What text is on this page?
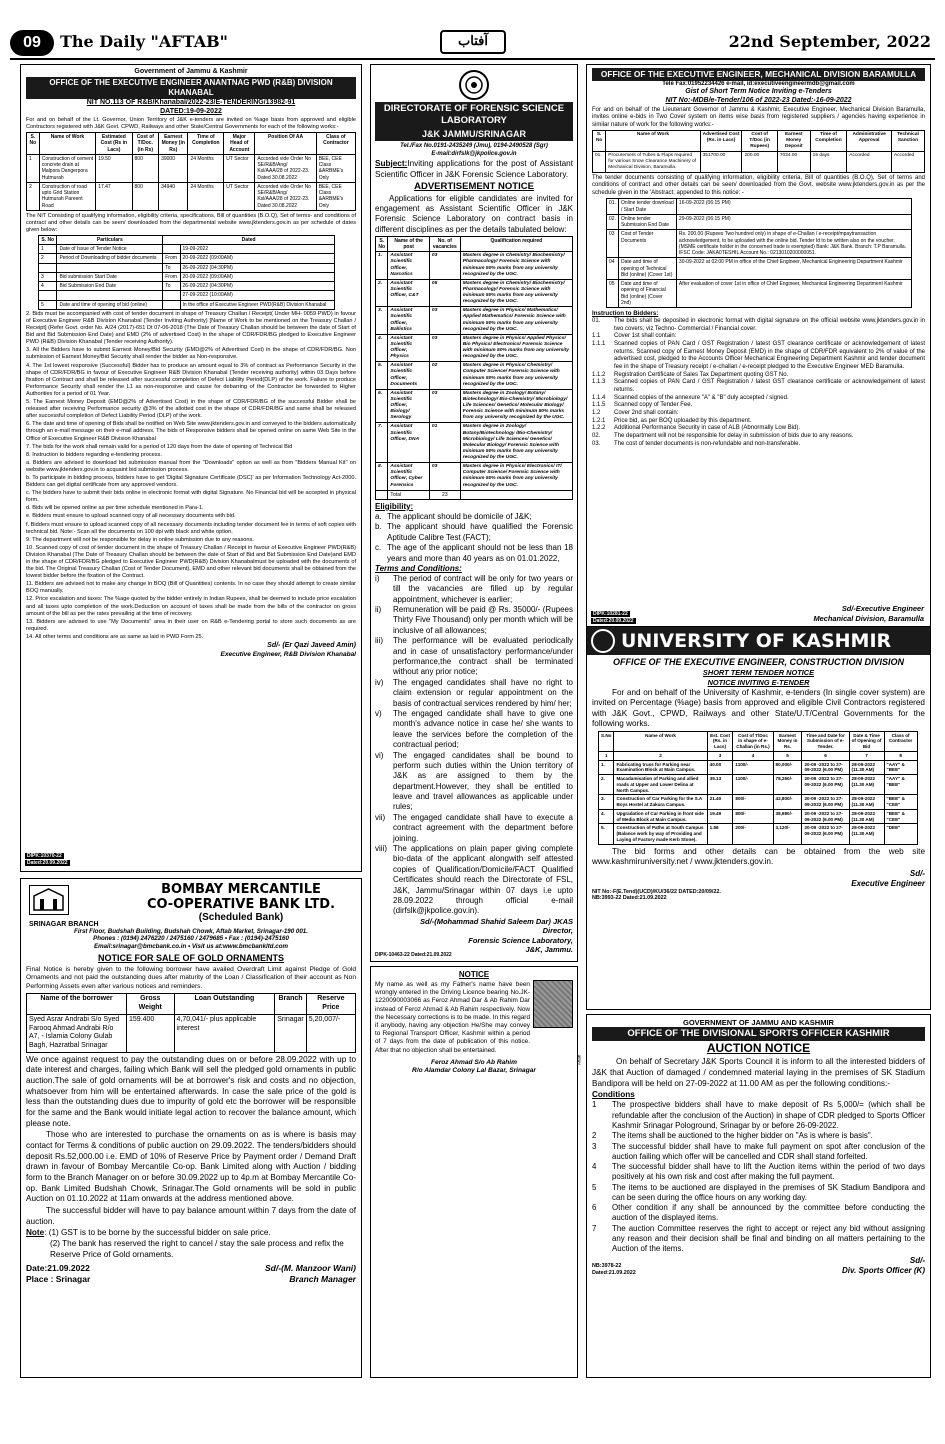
09	The Daily "AFTAB"	آفتاب	22nd September, 2022
Government of Jammu & Kashmir
OFFICE OF THE EXECUTIVE ENGINEER ANANTNAG PWD (R&B) DIVISION KHANABAL
NIT NO.113 OF R&B/Khanabal/2022-23/E-TENDERING/13982-91
DATED:19-09-2022

For and on behalf of the Lt. Governor, Union Territory of J&K e-tenders are invited on %age basis from approved and eligible Contractors registered with J&K Govt. CPWD, Railways and other State/Central Governments for each of the following works:-

S. No	Name of Work	Estimated Cost (Rs in Lacs)	Cost of T/Doc. (in Rs)	Earnest Money (in Rs)	Time of Completion	Major Head of Account	Position Of AA	Class of Contractor
1	Construction of cement concrete drain at Malpora Dangerpora Hutmurah	19.50	800	39000	24 Months	UT Sector	Accorded vide Order No SE/R&B/Ang/ Ksl/AAA/28 of 2022-23. Dated 30.08.2022	BEE, CEE Class &ARBME's Only
2	Construction of road upto Grid Station Hutmurah Pareent Road	17.47	800	34940	24 Months	UT Sector	Accorded vide Order No SE/R&B/Ang/ Ksl/AAA/28 of 2022-23. Dated 30.08.2022	BEE, CEE Class &ARBME's Only

The NIT Consisting of qualifying information, eligibility criteria, specifications, Bill of quantities (B.O.Q), Set of terms- and conditions of contract and other details can be seen/ downloaded from the departmental website www.jktenders.gov.in as per schedule of dates given below:

S. No	Particulars	Dated	
1	Date of Issue of Tender Notice		19-09-2022
2	Period of Downloading of bidder documents	From	20-09-2022 (09:00AM)
		To	26-09-2022 (04:30PM)
3	Bid submission Start Date	From	20-09-2022 (09:00AM)
4	Bid Submission End Date	To	26-09-2022 (04:30PM)
			27-09-2022 (10:00AM)
5	Date and time of opening of bid (online)		In the office of Executive Engineer PWD(R&B) Division Khanabal

2. Bids must be accompanied with cost of tender document in shape of Treasury Challan / Receipt( Under MH- 0059 PWD) in favour of Executive Engineer R&B Division Khanabal (Tender Inviting Authority) [Name of Work to be mentioned on the Treasury Challan / Receipt] (Refer Govt. order No. A/24 (2017)-651 Dt 07-06-2018 (The Date of Treasury Challan should be between the date of Start of Bid and Bid Submission End Date) and EMD (2% of advertised Cost) in the shape of CDR/FDR/BG pledged to Executive Engineer PWD (R&B) Division Khanabal (Tender receiving Authority).

3. All the Bidders have to submit Earnest Money/Bid Security (EMD@2% of Advertised Cost) in the shape of CDR/FDR/BG. Non submission of Earnest Money/Bid Security shall render the bidder as Non-responsive.

4. The 1st lowest responsive (Successful) Bidder has to produce an amount equal to 3% of contract as Performance Security in the shape of CDR/FDR/BG in favour of Executive Engineer R&B Division Khanabal (Tender receiving authority) within 03 Days before fixation of Contract and shall be released after successful completion of Defect Liability Period(DLP) of the work. Failure to produce Performance Security shall render the L1 as non-responsive and cause for debarring of the Contractor be forwarded to Higher Authorities for a period of 01 Year.

5. The Earnest Money Deposit (EMD@2% of Advertised Cost) in the shape of CDR/FDR/BG of the successful Bidder shall be released after receiving Performance security @3% of the allotted cost in the shape of CDR/FDR/BG and same shall be released after successful completion of Defect Liability Period (DLP) of the work.

6. The date and time of opening of Bids shall be notified on Web Site www.jktenders.gov.in and conveyed to the bidders automatically through an e-mail message on their e-mail address. The bids of Responsive bidders shall be opened online on same Web Site in the Office of Executive Engineer R&B Division Khanabal

7. The bids for the work shall remain valid for a period of 120 days from the date of opening of Technical Bid

8. Instruction to bidders regarding e-tendering process.

a. Bidders are advised to download bid submission manual from the "Downloads" option as well as from "Bidders Manual Kit" on website www.jktenders.gov.in to acquaint bid submission process.

b. To participate in bidding process, bidders have to get 'Digital Signature Certificate (DSC)' as per Information Technology Act-2000. Bidders can get digital certificate from any approved vendors.

c. The bidders have to submit their bids online in electronic format with digital Signature. No Financial bid will be accepted in physical form.

d. Bids will be opened online as per time schedule mentioned in Para-1.

e. Bidders must ensure to upload scanned copy of all necessary documents with bid.

f. Bidders must ensure to upload scanned copy of all necessary documents including tender document fee in terms of soft copies with technical bid. Note:- Scan all the documents on 100 dpi with black and white option.

9. The department will not be responsible for delay in online submission due to any reasons.

10. Scanned copy of cost of tender document in the shape of Treasury Challan / Receipt in favour of Executive Engineer PWD(R&B) Division Khanabal (The Date of Treasury Challan should be between the date of Start of Bid and Bid Submission End Date)and EMD in the shape of CDR/FDR/BG pledged to Executive Engineer PWD(R&B) Division Khanabalmust be uploaded with the documents of the bid. The Original Treasury Challan (Cost of Tender Document), EMD and other relevant bid documents shall be obtained from the lowest bidder before the fixation of the Contract.

11. Bidders are advised not to make any change in BOQ (Bill of Quantities) contents. In no case they should attempt to create similar BOQ manually.

12. Price escalation and taxes: The %age quoted by the bidder entirely in Indian Rupees, shall be deemed to include price escalation and all taxes upto completion of the work.Deduction on account of taxes shall be made from the bills of the contractor on gross amount of the bill as per the rates prevailing at the time of recovery.

13. Bidders are advised to use "My Documents" area in their user on R&B e-Tendering portal to store such documents as are required.

14. All other terms and conditions are as same as laid in PWD Form 25.

Sd/- (Er Qazi Javeed Amin)
Executive Engineer, R&B Division Khanabal
DIPK:10370-22
Dated:20.09.2022
SRINAGAR BRANCH
BOMBAY MERCANTILE
CO-OPERATIVE BANK LTD.
(Scheduled Bank)
First Floor, Budshah Building, Budshah Chowk, Aftab Market, Srinagar-190 001.
Phones : (0194) 2476220 / 2475160 / 2479685 • Fax : (0194)-2475160
Email:srinagar@bmcbank.co.in • Visit us at:www.bmcbankltd.com
NOTICE FOR SALE OF GOLD ORNAMENTS

Final Notice is hereby given to the following borrower have availed Overdraft Limit against Pledge of Gold Ornaments and not paid the outstanding dues after maturity of the Loan / Classification of their account as Non Performing Assets even after various notices and reminders.

Name of the borrower	Gross Weight	Loan Outstanding	Branch	Reserve Price
Syed Asrar Andrabi S/o Syed Farooq Ahmad Andrabi R/o A7, - Islamia Colony Gulab Bagh, Hazratbal Srinagar	159.400	4,70,041/- plus applicable interest	Srinagar	5,20,007/-

We once against request to pay the outstanding dues on or before 28.09.2022 with up to date interest and charges, failing which Bank will sell the pledged gold ornaments in public auction.The sale of gold ornaments will be at borrower's risk and costs and no objection, whatsoever from him will be entertained afterwards. In case the sale price of the gold is less than the outstanding dues due to impurity of gold etc the borrower will be responsible for the same and the Bank would initiate legal action to recover the balance amount, which please note.

Those who are interested to purchase the ornaments on as is where is basis may contact for Terms & conditions of public auction on 29.09.2022. The tenders/bidders should deposit Rs.52,000.00 i.e. EMD of 10% of Reserve Price by Payment order / Demand Draft drawn in favour of Bombay Mercantile Co-op. Bank Limited along with Auction / bidding form to the Branch Manager on or before 30.09.2022 up to 4p.m at Bombay Mercantile Co-op. Bank Limited Budshah Chowk, Srinagar.The Gold ornaments will be sold in public Auction on 01.10.2022 at 11am onwards at the address mentioned above.

The successful bidder will have to pay balance amount within 7 days from the date of auction.

Note: (1) GST is to be borne by the successful bidder on sale price.
(2) The bank has reserved the right to cancel / stay the sale process and refix the Reserve Price of Gold ornaments.
Date:21.09.2022
Place : Srinagar
Sd/-(M. Manzoor Wani)
Branch Manager
DIRECTORATE OF FORENSIC SCIENCE LABORATORY
J&K JAMMU/SRINAGAR
Tel./Fax No.0191-2435249 (Jmu), 0194-2490528 (Sgr)
E-mail:dirfslk@jkpolice.gov.in

Subject:Inviting applications for the post of Assistant Scientific Officer in J&K Forensic Science Laboratory.

ADVERTISEMENT NOTICE

Applications for eligible candidates are invited for engagement as Assistant Scientific Officer in J&K Forensic Science Laboratory on contract basis in different disciplines as per the details tabulated below:

S. No	Name of the post	No. of vacancies	Qualification required
1.	Assistant Scientific Officer, Narcotics	03	Masters degree in Chemistry/ Biochemistry/ Pharmacology/ Forensic Science with minimum 50% marks from any university recognized by the UGC.
2.	Assistant Scientific Officer, C&T	05	Masters degree in Chemistry/ Biochemistry/ Pharmacology/ Forensic Science with minimum 50% marks from any university recognized by the UGC.
3.	Assistant Scientific Officer, Ballistics	03	Masters degree in Physics/ Mathematics/ Applied Mathematics/ Forensic Science with minimum 50% marks from any university recognized by the UGC.
4.	Assistant Scientific Officer, Physics	03	Masters degree in Physics/ Applied Physics/ Bio Physics/ Electronics/ Forensic Science with minimum 50% marks from any university recognized by the UGC.
5.	Assistant Scientific Officer, Documents	02	Masters degree in Physics/ Chemistry/ Computer Science/ Forensic Science with minimum 50% marks from any university recognized by the UGC.
6.	Assistant Scientific Officer, Biology/ Serology	03	Masters degree in Zoology/ Botany/ Biotechnology/ Bio-Chemistry/ Microbiology/ Life Sciences/ Genetics/ Molecular Biology/ Forensic Science with minimum 50% marks from any university recognized by the UGC.
7.	Assistant Scientific Officer, DNA	01	Masters degree in Zoology/ Botany/Biotechnology /Bio-Chemistry/ Microbiology/ Life Sciences/ Genetics/ Molecular Biology/ Forensic Science with minimum 50% marks from any university recognized by the UGC.
8.	Assistant Scientific Officer, Cyber Forensics	03	Masters degree in Physics/ Electronics/ IT/ Computer Science/ Forensic Science with minimum 50% marks from any university recognized by the UGC.
	Total	23	
Eligibility:
a. The applicant should be domicile of J&K;
b. The applicant should have qualified the Forensic Aptitude Calibre Test (FACT);
c. The age of the applicant should not be less than 18 years and more than 40 years as on 01.01.2022,
Terms and Conditions:
i)	The period of contract will be only for two years or till the vacancies are filled up by regular appointment, whichever is earlier;
ii)	Remuneration will be paid @ Rs. 35000/- (Rupees Thirty Five Thousand) only per month which will be inclusive of all allowances;
iii)	The performance will be evaluated periodically and in case of unsatisfactory performance/under performance,the contract shall be terminated without any prior notice;
iv)	The engaged candidates shall have no right to claim extension or regular appointment on the basis of contractual services rendered by him/ her;
v)	The engaged candidate shall have to give one month's advance notice in case he/ she wants to leave the services before the completion of the contractual period;
vi)	The engaged candidates shall be bound to perform such duties within the Union territory of J&K as are assigned to them by the department.However, they shall be entitled to leave and travel allowances as applicable under rules;
vii) The engaged candidate shall have to execute a contract agreement with the department before joining.
viii) The applications on plain paper giving complete bio-data of the applicant alongwith self attested copies of Qualification/Domicile/FACT Qualified Certificates should reach the Directorate of FSL, J&K, Jammu/Srinagar within 07 days i.e upto 28.09.2022 through official e-mail (dirfslk@jkpolice.gov.in).
Sd/-(Mohammad Shahid Saleem Dar) JKAS
Director,
Forensic Science Laboratory,
J&K, Jammu.
DIPK-10463-22 Dated:21.09.2022
NOTICE

My name as well as my Father's name have been wrongly entered in the Driving Licence bearing No.JK-1220090003066 as Feroz Ahmad Dar & Ab Rahim Dar instead of Feroz Ahmad & Ab Rahim respectively. Now the Necessary corrections is to be made. In this regard if anybody, having any objection He/She may convey to Regional Transport Officer, Kashmir within a period of 7 days from the date of publication of this notice. After that no objection shall be entertained.

Feroz Ahmad S/o Ab Rahim
R/o Alamdar Colony Lal Bazar, Srinagar
Aftab
OFFICE OF THE EXECUTIVE ENGINEER, MECHANICAL DIVISION BARAMULLA
Tele Fax:01952234426 e-mail, id:executiveengineermdb@gmail.com
Gist of Short Term Notice Inviting e-Tenders
NIT No:-MDB/e-Tender/106 of 2022-23 Dated:-16-09-2022

For and on behalf of the Lieutenant Governor of Jammu & Kashmir, Executive Engineer, Mechanical Division Baramulla, invites online e-bids in Two Cover system on items wise basis from registered suppliers / agencies having experience in similar nature of work for the following works:-

S. No	Name of Work	Advertised Cost (Rs. in Lacs)	Cost of T/Doc (in Rupees)	Earnest Money Deposit	Time of Completion	Administrative Approval	Technical Sanction
01.	Procurement of Tubes & Flaps required for various Snow Clearance Machinery of Mechanical Division, Baramulla.	351700.00	200.00	7034.00	15 days	Accorded	Accorded

The tender documents consisting of qualifying information, eligibility criteria, Bill of quantities (B.O.Q), Set of terms and conditions of contract and other details can be seen/ downloaded from the Govt. website www.jktenders.gov.in as per the schedule given in the 'Abstract; appended to this notice: -

01.	Online tender download / Start Date	16-09-2022 (06:15 PM)
02.	Online tender Submission End Date	29-09-2022 (06:15 PM)
03	Cost of Tender Documents	Rs. 200.00 (Rupees Two hundred only) in shape of e-Challan / e-receipt/mpaytransaction acknowledgement, to be uploaded with the online bid. Tender Id to be written also on the voucher. (MSME certificate holder in the concerned trade is exempted) Bank: J&K Bank. Branch: T.P Baramulla. IFSC Code: JAKA0TESHIL Account No.: 0213010200000051.
04	Date and time of opening of Technical Bid (online) (Cover 1st)	30-09-2022 at 02:00 PM in office of the Chief Engineer, Mechanical Engineering Department Kashmir
05	Date and time of opening of Financial Bid (online) (Cover 2nd)	After evaluation of cover 1st in office of Chief Engineer, Mechanical Engineering Department Kashmir
Instruction to Bidders:
01.	The bids shall be deposited in electronic format with digital signature on the official website www.jktenders.gov.in in two covers; viz Techno- Commercial / Financial cover.
1.1	Cover 1st shall contain:
1.1.1	Scanned copies of PAN Card / GST Registration / latest GST clearance certificate or acknowledgement of latest returns. Scanned copy of Earnest Money Deposit (EMD) in the shape of CDR/FDR equivalent to 2% of value of the advertised cost, pledged to the Accounts Officer Mechanical Engineering Department Kashmir and tender document fee in the shape of Treasury receipt / e-challan / e-receipt pledged to the Executive Engineer MED Baramulla.
1.1.2	Registration Certificate of Sales Tax Department quoting GST No.
1.1.3	Scanned copies of PAN Card / GST Registration / latest GST clearance certificate or acknowledgement of latest returns.
1.1.4	Scanned copies of the annexure "A" & "B" duly accepted / signed.
1.1.5	Scanned copy of Tender Fee.
1.2	Cover 2nd shall contain:
1.2.1	Price bid, as per BOQ uploaded by this department.
1.2.2	Additional Performance Security in case of ALB (Abnormally Low Bid).
02.	The department will not be responsible for delay in submission of bids due to any reasons.
03.	The cost of tender documents is non-refundable and non-transferable.
DIPK:10281-22
Dated:20.09.2022
Sd/-Executive Engineer
Mechanical Division, Baramulla
UNIVERSITY OF KASHMIR
OFFICE OF THE EXECUTIVE ENGINEER, CONSTRUCTION DIVISION
SHORT TERM TENDER NOTICE
NOTICE INVITING E-TENDER

For and on behalf of the University of Kashmir, e-tenders (In single cover system) are invited on Percentage (%age) basis from approved and eligible Civil Contractors registered with J&K Govt., CPWD, Railways and other State/U.T/Central Governments for the following works.

S.No	Name of Work	Est. Cost (Rs. in Lacs)	Cost of T/Doc in shape of e-Challan (in Rs.)	Earnest Money in Rs.	Time and Date for Submission of e-Tender.	Date & Time of Opening of Bid	Class of Contractor
1	2	3	4	5	6	7	8
1.	Fabricating truss for Parking near Examination Block at Main Campus.	40.00	1100/-	80,000/-	20-09 -2022 to 27-09-2022 (6.00 PM)	28-09-2022 (11.30 AM)	"AAY" & "BEE"
2.	Macadamisation of Parking and allied roads at Upper and Lower Delina at North Campus.	39.13	1100/-	78,260/-	20-09 -2022 to 27-09-2022 (6.00 PM)	28-09-2022 (11.30 AM)	"AAY" & "BEE"
3.	Construction of Car Parking for the S.A Boys Hostel at Zakura Campus.	21.40	800/-	42,800/-	20-09 -2022 to 27-09-2022 (6.00 PM)	28-09-2022 (11.30 AM)	"BEE" & "CEE"
4.	Upgradation of Car Parking in front side of Media Block at Main Campus.	19.49	800/-	38,980/-	20-09 -2022 to 27-09-2022 (6.00 PM)	28-09-2022 (11.30 AM)	"BEE" & "CEE"
5.	Construction of Paths at South Campus (Balance work by way of Providing and Laying of Factory made Kerb Stone).	1.56	200/-	3,120/-	20-09 -2022 to 27-09-2022 (6.00 PM)	28-09-2022 (11.30 AM)	"DEE"

The bid forms and other details can be obtained from the web site www.kashmiruniversity.net / www.jktenders.gov.in.

Sd/-
Executive Engineer
NIT No:-F(E.Tend)(UCD)/KU/36/22 DATED:20/09/22.
NB:3993-22 Dated:21.09.2022
GOVERNMENT OF JAMMU AND KASHMIR
OFFICE OF THE DIVISIONAL SPORTS OFFICER KASHMIR
AUCTION NOTICE

On behalf of Secretary J&K Sports Council it is inform to all the interested bidders of J&K that Auction of damaged / condemned material laying in the premises of SK Stadium Bandipora will be held on 27-09-2022 at 11.00 AM as per the following conditions:-

Conditions
1	The prospective bidders shall have to make deposit of Rs 5,000/= (which shall be refundable after the conclusion of the Auction) in shape of CDR pledged to Sports Officer Kashmir Srinagar Pologround, Srinagar by or before 26-09-2022.
2	The items shall be auctioned to the higher bidder on "As is where is basis".
3	The successful bidder shall have to make full payment on spot after conclusion of the auction failing which offer will be cancelled and CDR shall stand forfeited.
4	The successful bidder shall have to lift the Auction items within the period of two days positively at his own risk and cost after making the full payment.
5	The items to be auctioned are displayed in the premises of SK Stadium Bandipora and can be seen during the office hours on any working day.
6	Other condition if any shall be announced by the committee before conducting the auction of the displayed items.
7	The auction Committee reserves the right to accept or reject any bid without assigning any reason and their decision shall be final and binding on all matters pertaining to the Auction of the items.
NB:3978-22
Dated:21.09.2022
Sd/-
Div. Sports Officer (K)
